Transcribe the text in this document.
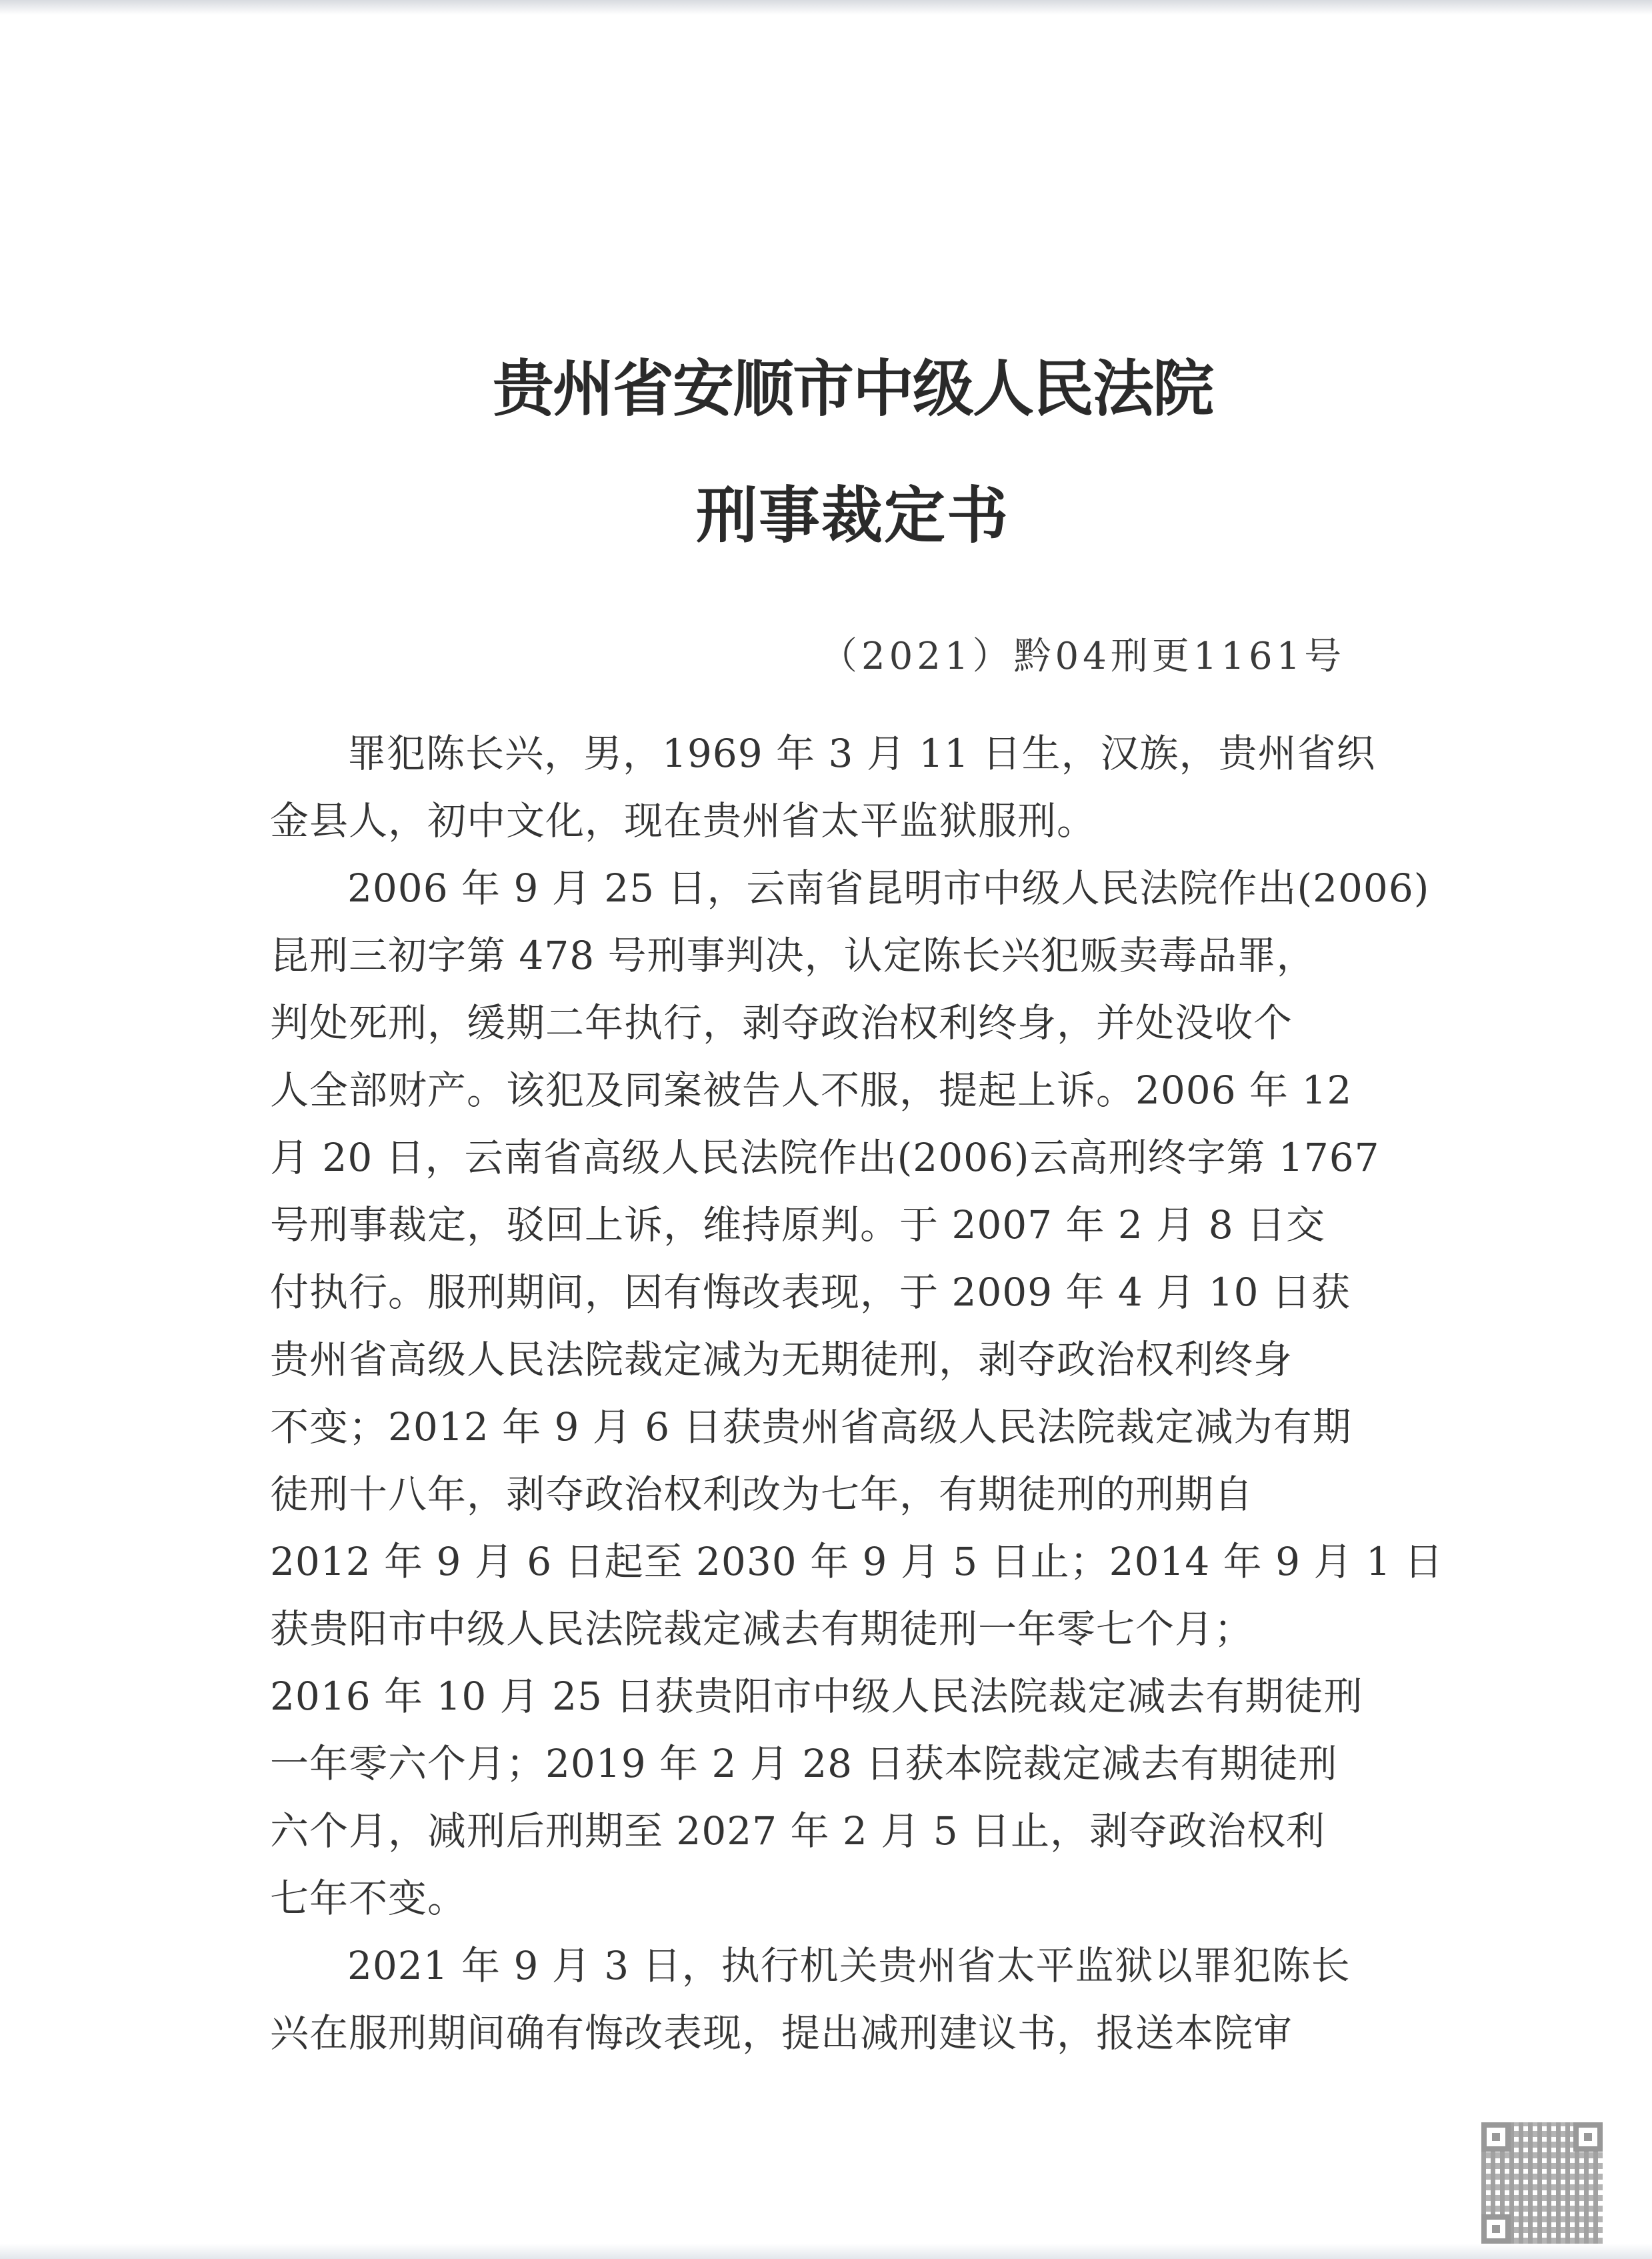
贵州省安顺市中级人民法院
刑事裁定书
（2021）黔04刑更1161号
罪犯陈长兴，男，1969 年 3 月 11 日生，汉族，贵州省织
金县人，初中文化，现在贵州省太平监狱服刑。
2006 年 9 月 25 日，云南省昆明市中级人民法院作出(2006)
昆刑三初字第 478 号刑事判决，认定陈长兴犯贩卖毒品罪，
判处死刑，缓期二年执行，剥夺政治权利终身，并处没收个
人全部财产。该犯及同案被告人不服，提起上诉。2006 年 12
月 20 日，云南省高级人民法院作出(2006)云高刑终字第 1767
号刑事裁定，驳回上诉，维持原判。于 2007 年 2 月 8 日交
付执行。服刑期间，因有悔改表现，于 2009 年 4 月 10 日获
贵州省高级人民法院裁定减为无期徒刑，剥夺政治权利终身
不变；2012 年 9 月 6 日获贵州省高级人民法院裁定减为有期
徒刑十八年，剥夺政治权利改为七年，有期徒刑的刑期自
2012 年 9 月 6 日起至 2030 年 9 月 5 日止；2014 年 9 月 1 日
获贵阳市中级人民法院裁定减去有期徒刑一年零七个月；
2016 年 10 月 25 日获贵阳市中级人民法院裁定减去有期徒刑
一年零六个月；2019 年 2 月 28 日获本院裁定减去有期徒刑
六个月，减刑后刑期至 2027 年 2 月 5 日止，剥夺政治权利
七年不变。
2021 年 9 月 3 日，执行机关贵州省太平监狱以罪犯陈长
兴在服刑期间确有悔改表现，提出减刑建议书，报送本院审
